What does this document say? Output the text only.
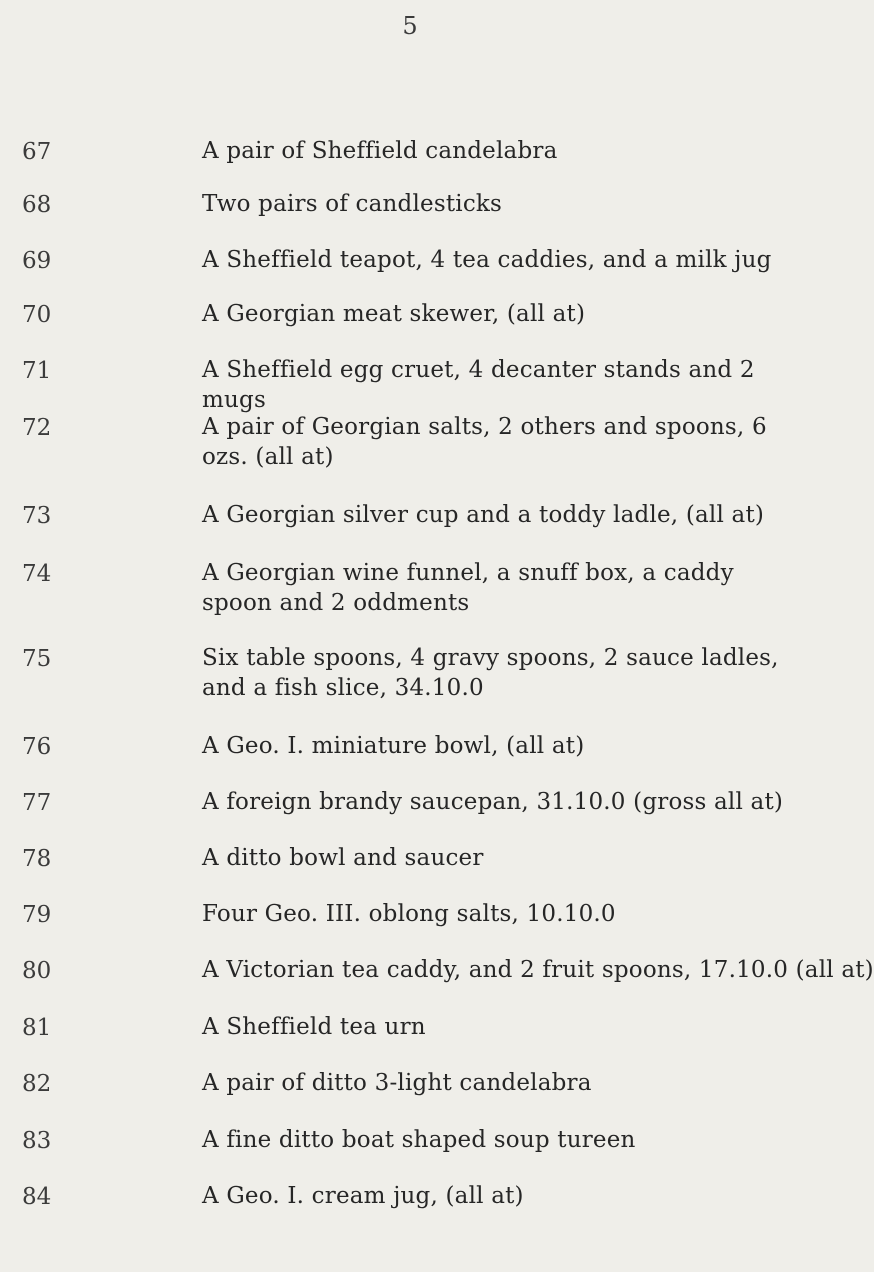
5
67	A pair of Sheffield candelabra
68	Two pairs of candlesticks
69	A Sheffield teapot, 4 tea caddies, and a milk jug
70	A Georgian meat skewer, (all at)
71	A Sheffield egg cruet, 4 decanter stands and 2 mugs
72	A pair of Georgian salts, 2 others and spoons, 6 ozs. (all at)
73	A Georgian silver cup and a toddy ladle, (all at)
74	A Georgian wine funnel, a snuff box, a caddy spoon and 2 oddments
75	Six table spoons, 4 gravy spoons, 2 sauce ladles, and a fish slice, 34.10.0
76	A Geo. I. miniature bowl, (all at)
77	A foreign brandy saucepan, 31.10.0 (gross all at)
78	A ditto bowl and saucer
79	Four Geo. III. oblong salts, 10.10.0
80	A Victorian tea caddy, and 2 fruit spoons, 17.10.0 (all at)
81	A Sheffield tea urn
82	A pair of ditto 3-light candelabra
83	A fine ditto boat shaped soup tureen
84	A Geo. I. cream jug, (all at)
